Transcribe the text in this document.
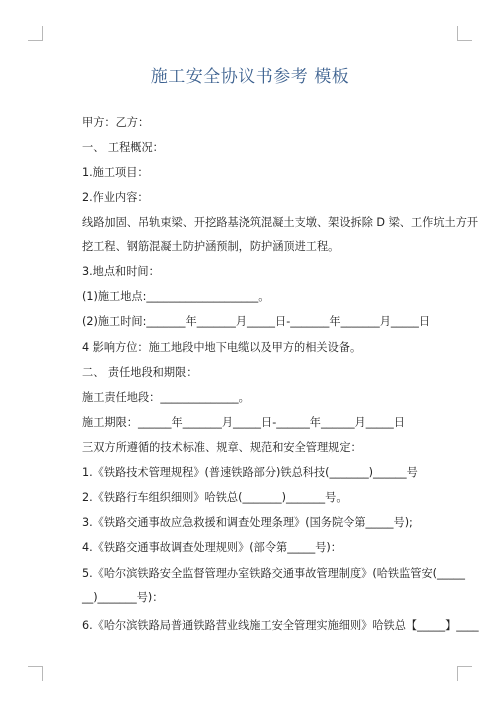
施工安全协议书参考 模板
甲方：乙方：
一、 工程概况：
1.施工项目：
2.作业内容：
线路加固、吊轨束梁、开挖路基浇筑混凝土支墩、架设拆除 D 梁、工作坑土方开
挖工程、钢筋混凝土防护涵预制，防护涵顶进工程。
3.地点和时间：
(1)施工地点:____________________。
(2)施工时间:_______年_______月_____日-_______年_______月_____日
4 影响方位：施工地段中地下电缆以及甲方的相关设备。
二、 责任地段和期限：
施工责任地段：______________。
施工期限：______年_______月_____日-______年______月_____日
三双方所遵循的技术标准、规章、规范和安全管理规定：
1.《铁路技术管理规程》(普速铁路部分)铁总科技(_______)______号
2.《铁路行车组织细则》哈铁总(_______)_______号。
3.《铁路交通事故应急救援和调查处理条理》(国务院令第_____号);
4.《铁路交通事故调查处理规则》(部令第_____号)：
5.《哈尔滨铁路安全监督管理办室铁路交通事故管理制度》(哈铁监管安(_____
__)_______号)：
6.《哈尔滨铁路局普通铁路营业线施工安全管理实施细则》哈铁总【_____】____
